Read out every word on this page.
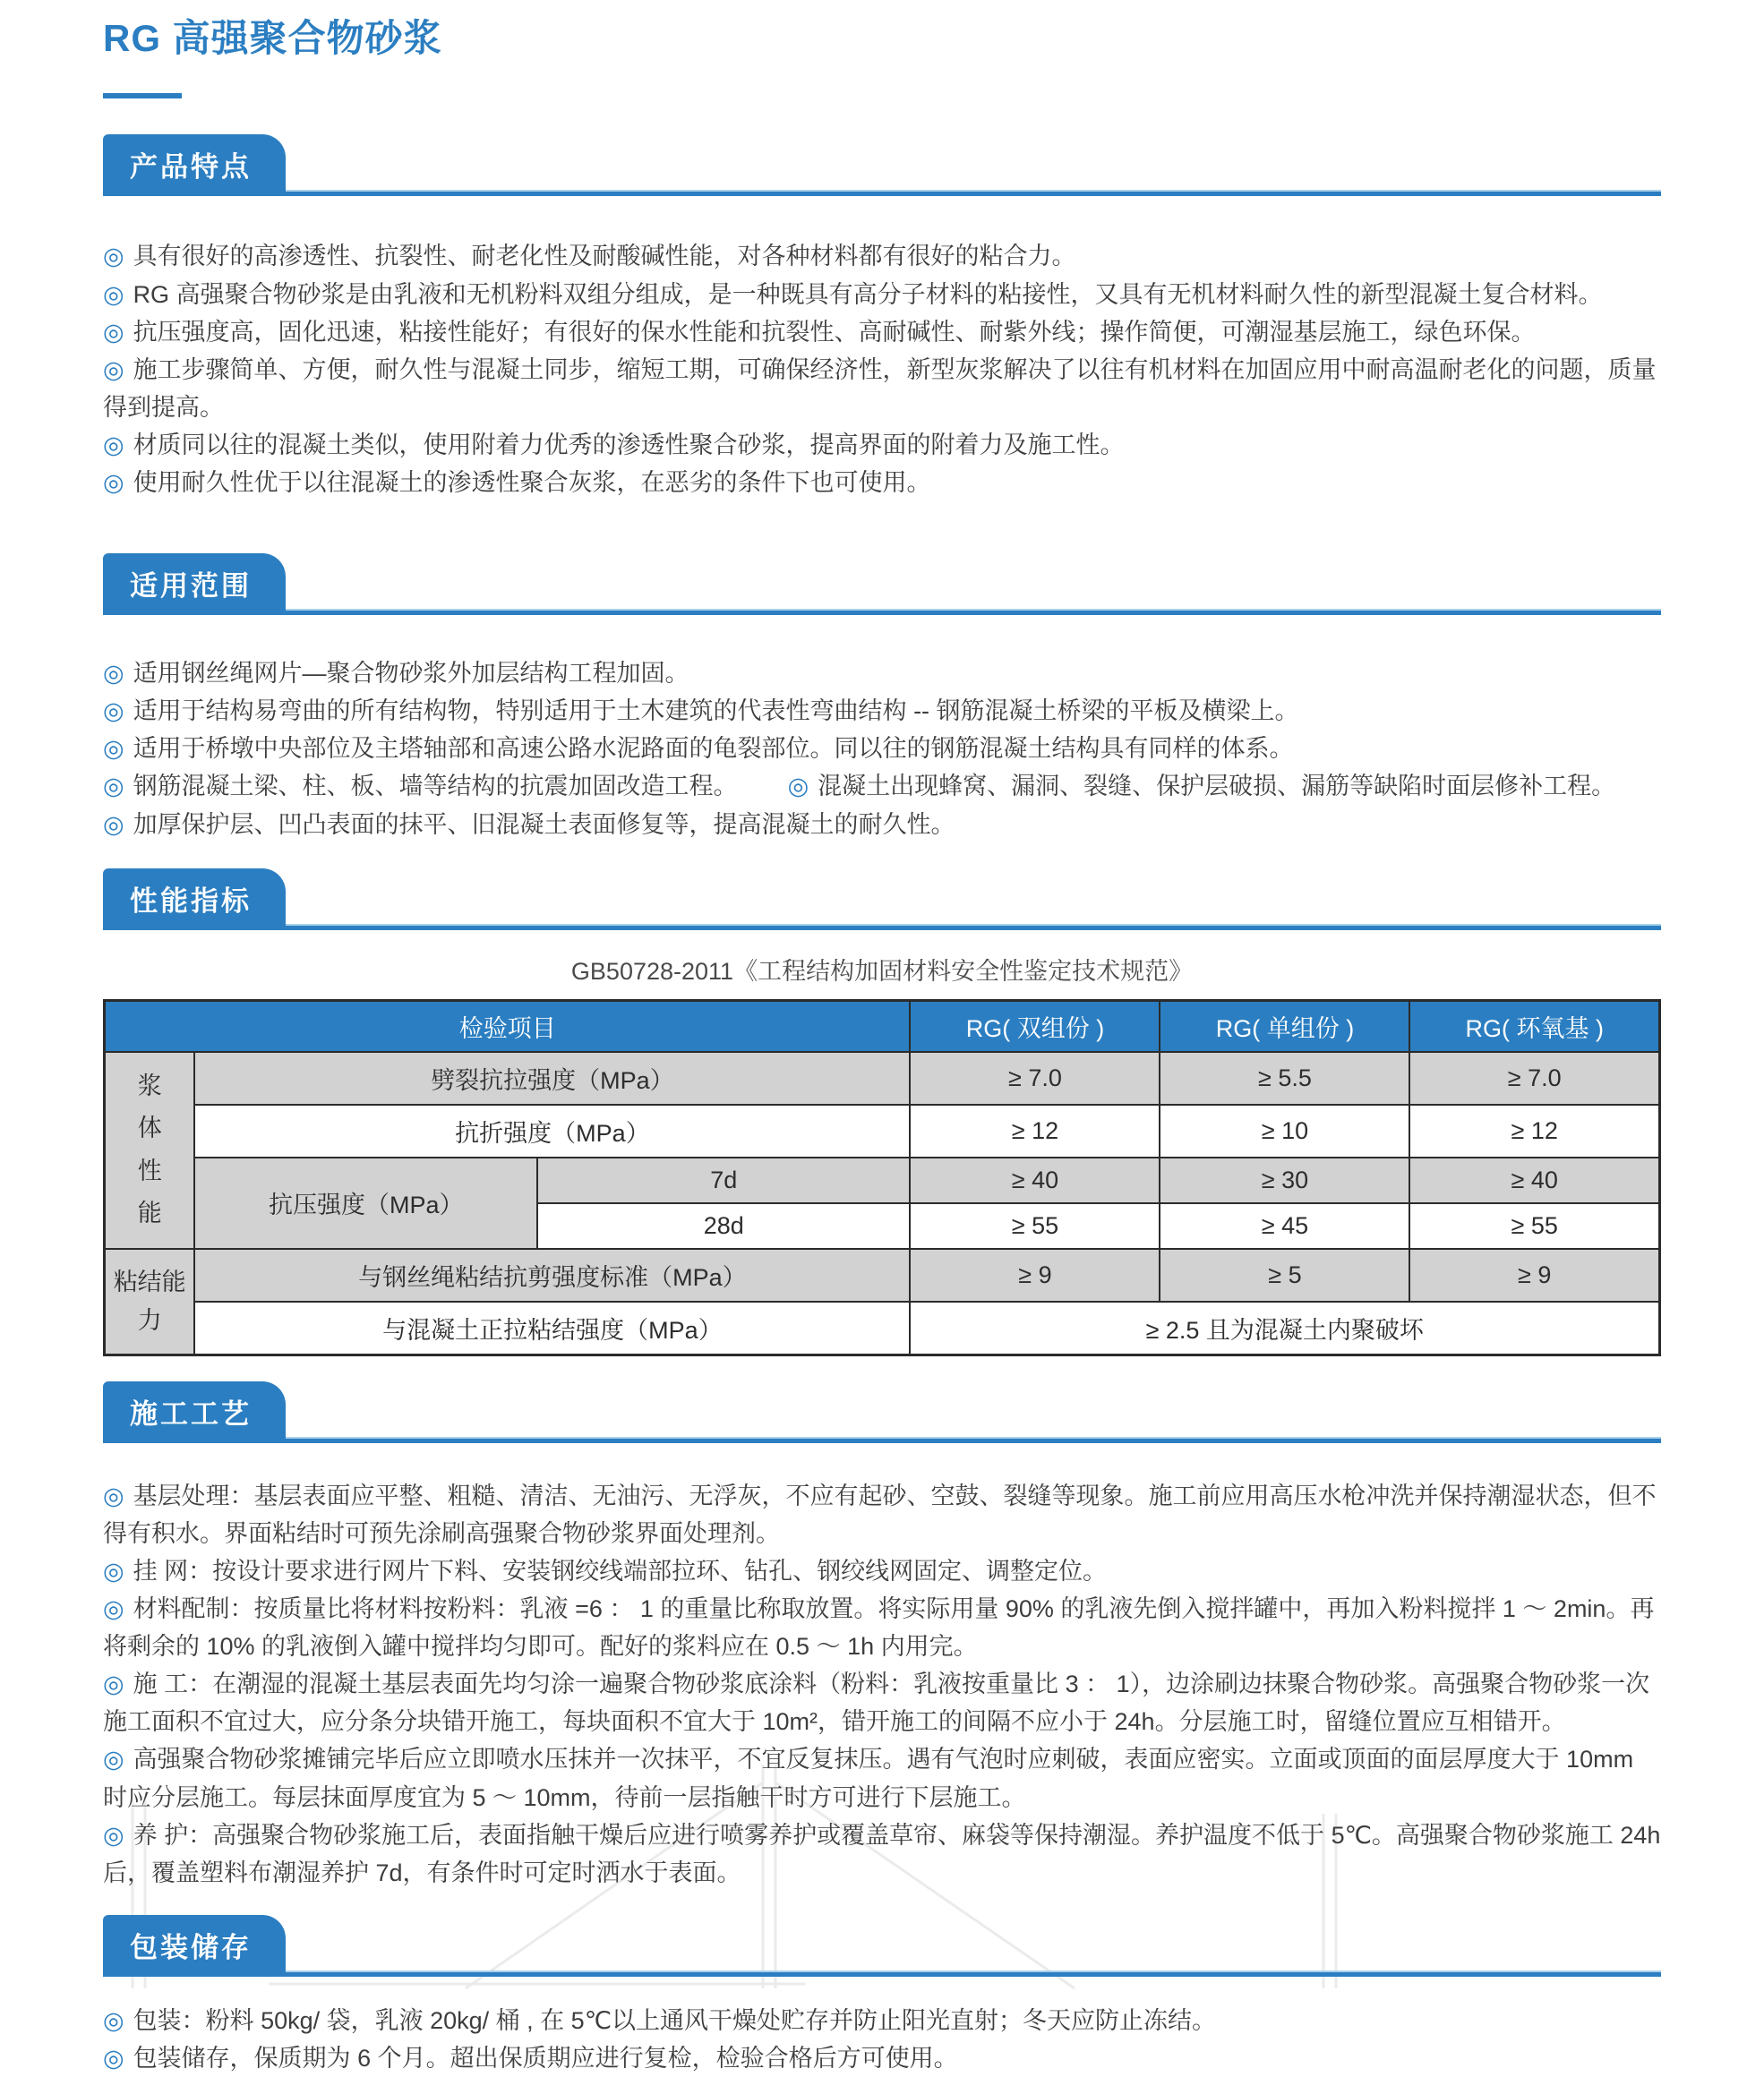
RG 高强聚合物砂浆
产品特点

◎ 具有很好的高渗透性、抗裂性、耐老化性及耐酸碱性能，对各种材料都有很好的粘合力。

◎ RG 高强聚合物砂浆是由乳液和无机粉料双组分组成，是一种既具有高分子材料的粘接性，又具有无机材料耐久性的新型混凝土复合材料。

◎ 抗压强度高，固化迅速，粘接性能好；有很好的保水性能和抗裂性、高耐碱性、耐紫外线；操作简便，可潮湿基层施工，绿色环保。

◎ 施工步骤简单、方便，耐久性与混凝土同步，缩短工期，可确保经济性，新型灰浆解决了以往有机材料在加固应用中耐高温耐老化的问题，质量得到提高。

◎ 材质同以往的混凝土类似，使用附着力优秀的渗透性聚合砂浆，提高界面的附着力及施工性。

◎ 使用耐久性优于以往混凝土的渗透性聚合灰浆，在恶劣的条件下也可使用。

适用范围

◎ 适用钢丝绳网片—聚合物砂浆外加层结构工程加固。

◎ 适用于结构易弯曲的所有结构物，特别适用于土木建筑的代表性弯曲结构 -- 钢筋混凝土桥梁的平板及横梁上。

◎ 适用于桥墩中央部位及主塔轴部和高速公路水泥路面的龟裂部位。同以往的钢筋混凝土结构具有同样的体系。

◎ 钢筋混凝土梁、柱、板、墙等结构的抗震加固改造工程。 ◎ 混凝土出现蜂窝、漏洞、裂缝、保护层破损、漏筋等缺陷时面层修补工程。

◎ 加厚保护层、凹凸表面的抹平、旧混凝土表面修复等，提高混凝土的耐久性。

性能指标
GB50728-2011《工程结构加固材料安全性鉴定技术规范》
检验项目			RG( 双组份 )	RG( 单组份 )	RG( 环氧基 )
浆体性能	劈裂抗拉强度（MPa）		≥ 7.0	≥ 5.5	≥ 7.0
	抗折强度（MPa）		≥ 12	≥ 10	≥ 12
	抗压强度（MPa）	7d	≥ 40	≥ 30	≥ 40
		28d	≥ 55	≥ 45	≥ 55
粘结能力	与钢丝绳粘结抗剪强度标准（MPa）		≥ 9	≥ 5	≥ 9
	与混凝土正拉粘结强度（MPa）		≥ 2.5 且为混凝土内聚破坏		
施工工艺

◎ 基层处理：基层表面应平整、粗糙、清洁、无油污、无浮灰，不应有起砂、空鼓、裂缝等现象。施工前应用高压水枪冲洗并保持潮湿状态，但不得有积水。界面粘结时可预先涂刷高强聚合物砂浆界面处理剂。

◎ 挂 网：按设计要求进行网片下料、安装钢绞线端部拉环、钻孔、钢绞线网固定、调整定位。

◎ 材料配制：按质量比将材料按粉料：乳液 =6 ： 1 的重量比称取放置。将实际用量 90% 的乳液先倒入搅拌罐中，再加入粉料搅拌 1 ～ 2min。再将剩余的 10% 的乳液倒入罐中搅拌均匀即可。配好的浆料应在 0.5 ～ 1h 内用完。

◎ 施 工：在潮湿的混凝土基层表面先均匀涂一遍聚合物砂浆底涂料（粉料：乳液按重量比 3 ： 1），边涂刷边抹聚合物砂浆。高强聚合物砂浆一次施工面积不宜过大，应分条分块错开施工，每块面积不宜大于 10m²，错开施工的间隔不应小于 24h。分层施工时，留缝位置应互相错开。

◎ 高强聚合物砂浆摊铺完毕后应立即喷水压抹并一次抹平，不宜反复抹压。遇有气泡时应刺破，表面应密实。立面或顶面的面层厚度大于 10mm 时应分层施工。每层抹面厚度宜为 5 ～ 10mm，待前一层指触干时方可进行下层施工。

◎ 养 护：高强聚合物砂浆施工后，表面指触干燥后应进行喷雾养护或覆盖草帘、麻袋等保持潮湿。养护温度不低于 5℃。高强聚合物砂浆施工 24h 后，覆盖塑料布潮湿养护 7d，有条件时可定时洒水于表面。

包装储存

◎ 包装：粉料 50kg/ 袋，乳液 20kg/ 桶 , 在 5℃以上通风干燥处贮存并防止阳光直射；冬天应防止冻结。

◎ 包装储存，保质期为 6 个月。超出保质期应进行复检，检验合格后方可使用。
